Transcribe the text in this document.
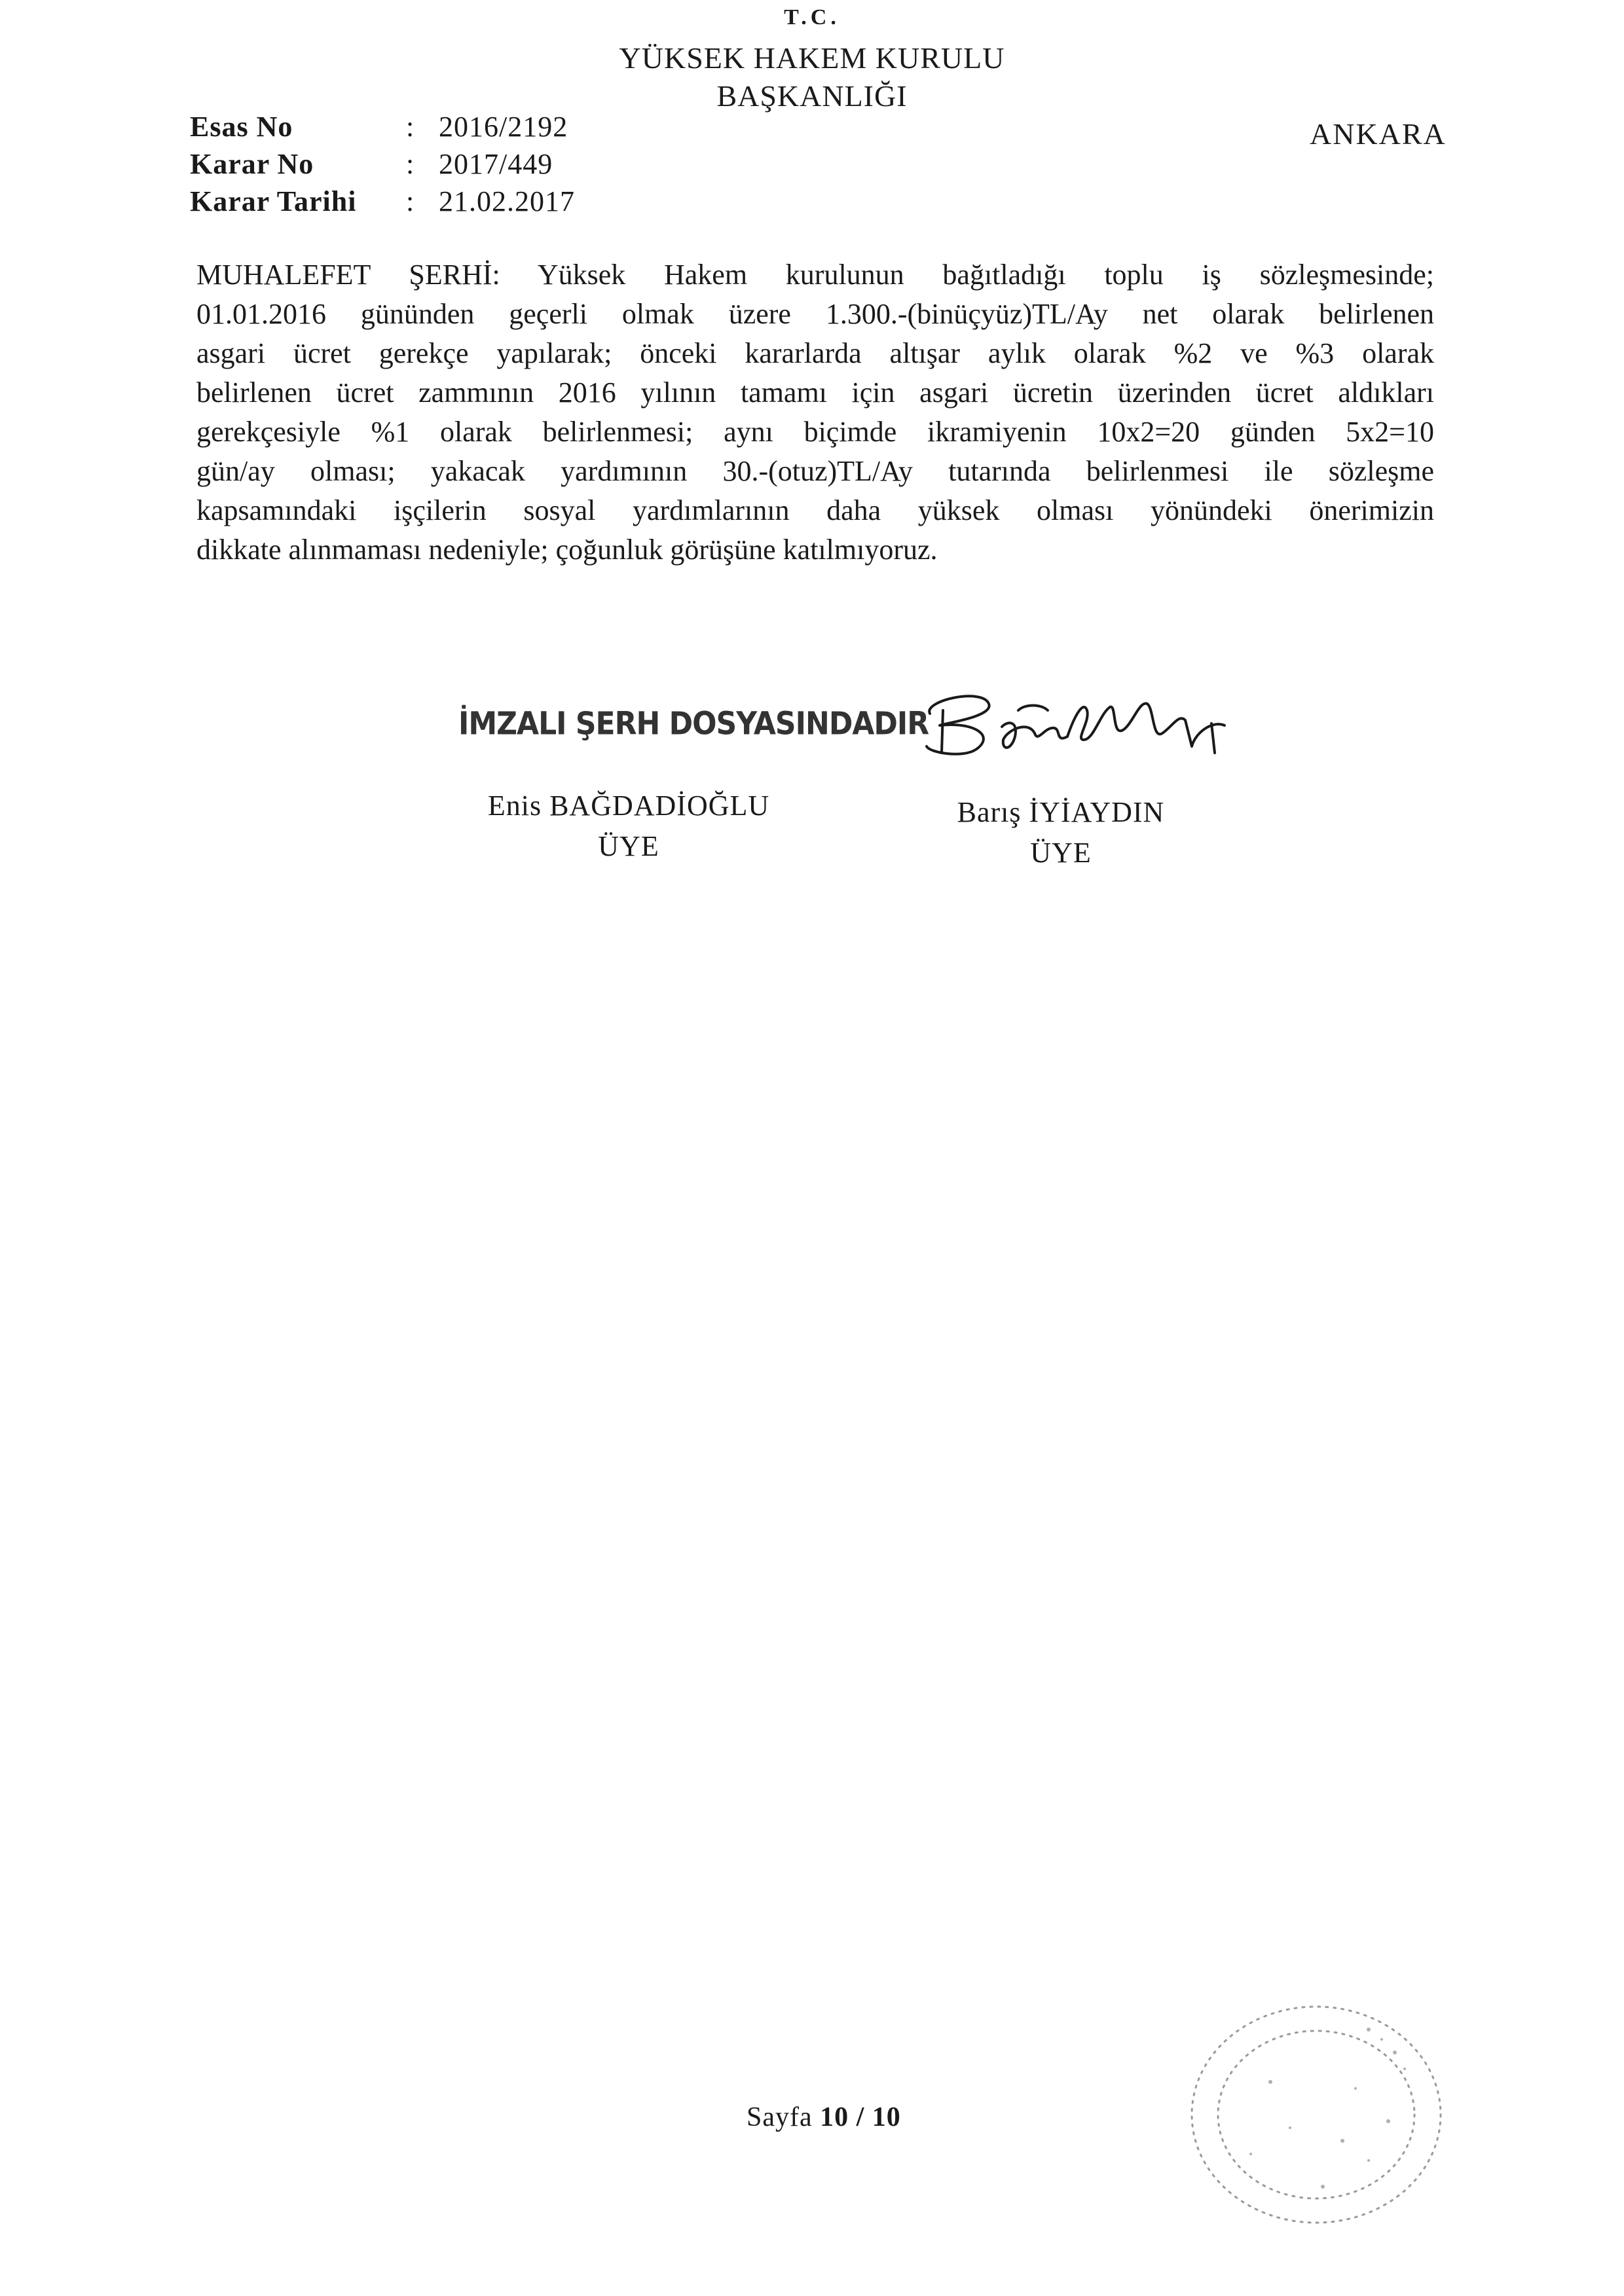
T.C.
YÜKSEK HAKEM KURULU
BAŞKANLIĞI
Esas No	: 2016/2192
Karar No	: 2017/449
Karar Tarihi	: 21.02.2017
ANKARA
MUHALEFET ŞERHİ: Yüksek Hakem kurulunun bağıtladığı toplu iş sözleşmesinde;
01.01.2016 gününden geçerli olmak üzere 1.300.-(binüçyüz)TL/Ay net olarak belirlenen
asgari ücret gerekçe yapılarak; önceki kararlarda altışar aylık olarak %2 ve %3 olarak
belirlenen ücret zammının 2016 yılının tamamı için asgari ücretin üzerinden ücret aldıkları
gerekçesiyle %1 olarak belirlenmesi; aynı biçimde ikramiyenin 10x2=20 günden 5x2=10
gün/ay olması; yakacak yardımının 30.-(otuz)TL/Ay tutarında belirlenmesi ile sözleşme
kapsamındaki işçilerin sosyal yardımlarının daha yüksek olması yönündeki önerimizin
dikkate alınmaması nedeniyle; çoğunluk görüşüne katılmıyoruz.
İMZALI ŞERH DOSYASINDADIR
Enis BAĞDADİOĞLU
ÜYE
Barış İYİAYDIN
ÜYE
Sayfa 10 / 10
